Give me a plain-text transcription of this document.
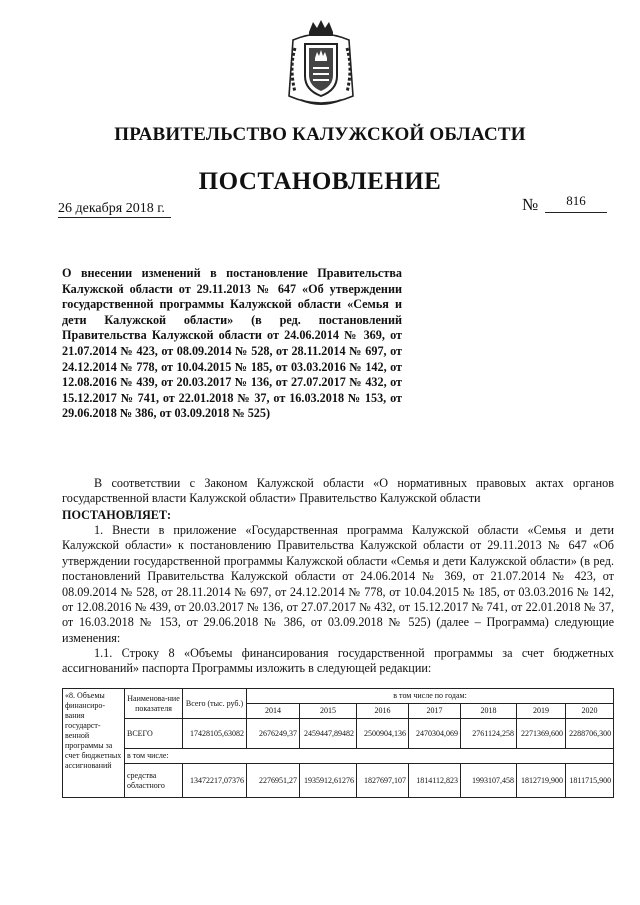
ПРАВИТЕЛЬСТВО КАЛУЖСКОЙ ОБЛАСТИ
ПОСТАНОВЛЕНИЕ
26 декабря 2018 г.	№	816
О внесении изменений в постановление Правительства Калужской области от 29.11.2013 № 647 «Об утверждении государственной программы Калужской области «Семья и дети Калужской области» (в ред. постановлений Правительства Калужской области от 24.06.2014 № 369, от 21.07.2014 № 423, от 08.09.2014 № 528, от 28.11.2014 № 697, от 24.12.2014 № 778, от 10.04.2015 № 185, от 03.03.2016 № 142, от 12.08.2016 № 439, от 20.03.2017 № 136, от 27.07.2017 № 432, от 15.12.2017 № 741, от 22.01.2018 № 37, от 16.03.2018 № 153, от 29.06.2018 № 386, от 03.09.2018 № 525)
В соответствии с Законом Калужской области «О нормативных правовых актах органов государственной власти Калужской области» Правительство Калужской области
ПОСТАНОВЛЯЕТ:
1. Внести в приложение «Государственная программа Калужской области «Семья и дети Калужской области» к постановлению Правительства Калужской области от 29.11.2013 № 647 «Об утверждении государственной программы Калужской области «Семья и дети Калужской области» (в ред. постановлений Правительства Калужской области от 24.06.2014 № 369, от 21.07.2014 № 423, от 08.09.2014 № 528, от 28.11.2014 № 697, от 24.12.2014 № 778, от 10.04.2015 № 185, от 03.03.2016 № 142, от 12.08.2016 № 439, от 20.03.2017 № 136, от 27.07.2017 № 432, от 15.12.2017 № 741, от 22.01.2018 № 37, от 16.03.2018 № 153, от 29.06.2018 № 386, от 03.09.2018 № 525) (далее – Программа) следующие изменения:
1.1. Строку 8 «Объемы финансирования государственной программы за счет бюджетных ассигнований» паспорта Программы изложить в следующей редакции:
«8. Объемы финансиро-вания государст-венной программы за счет бюджетных ассигнований	Наименова-ние показателя	Всего (тыс. руб.)	в том числе по годам:						
			2014	2015	2016	2017	2018	2019	2020
	ВСЕГО	17428105,63082	2676249,37	2459447,89482	2500904,136	2470304,069	2761124,258	2271369,600	2288706,300
	в том числе:								
	средства областного	13472217,07376	2276951,27	1935912,61276	1827697,107	1814112,823	1993107,458	1812719,900	1811715,900
